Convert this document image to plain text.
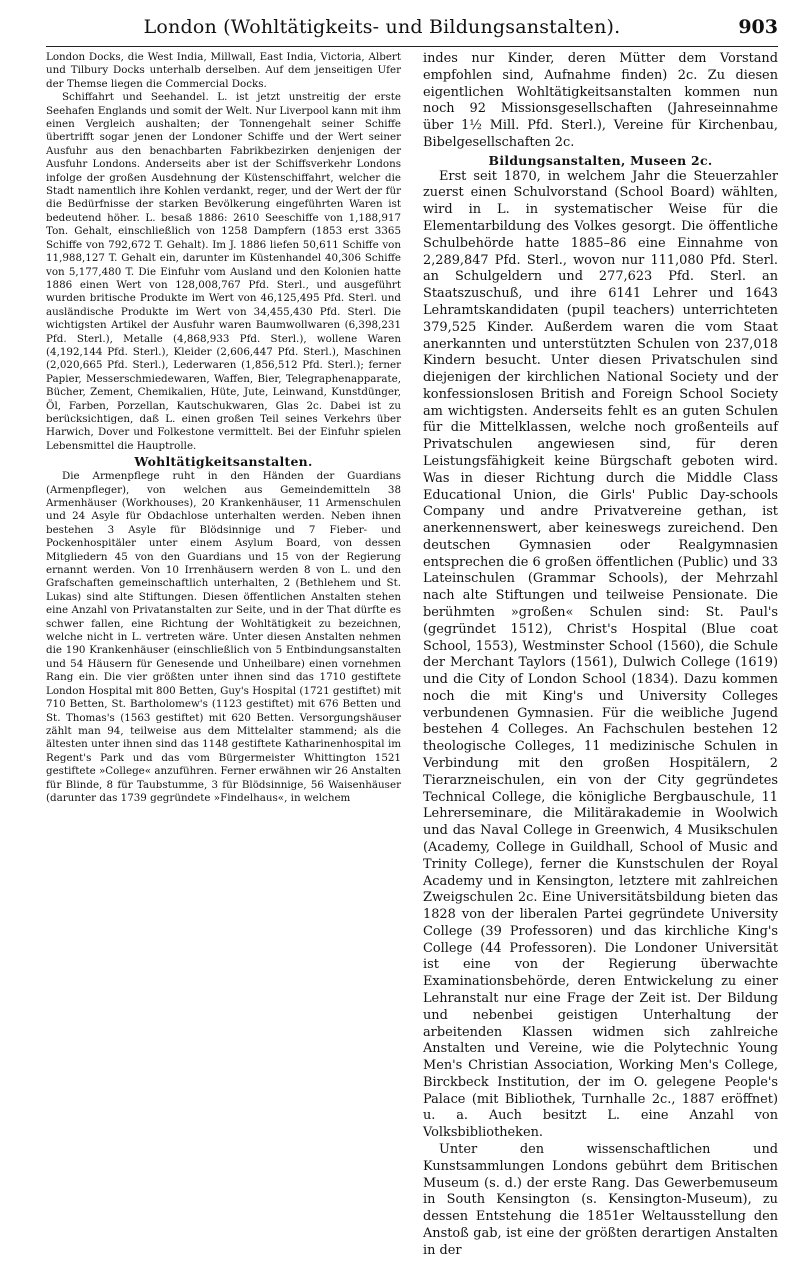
London (Wohltätigkeits- und Bildungsanstalten).	903

London Docks, die West India, Millwall, East India, Victoria, Albert und Tilbury Docks unterhalb derselben. Auf dem jenseitigen Ufer der Themse liegen die Commercial Docks.

Schiffahrt und Seehandel. L. ist jetzt unstreitig der erste Seehafen Englands und somit der Welt. Nur Liverpool kann mit ihm einen Vergleich aushalten; der Tonnengehalt seiner Schiffe übertrifft sogar jenen der Londoner Schiffe und der Wert seiner Ausfuhr aus den benachbarten Fabrikbezirken denjenigen der Ausfuhr Londons. Anderseits aber ist der Schiffsverkehr Londons infolge der großen Ausdehnung der Küstenschiffahrt, welcher die Stadt namentlich ihre Kohlen verdankt, reger, und der Wert der für die Bedürfnisse der starken Bevölkerung eingeführten Waren ist bedeutend höher. L. besaß 1886: 2610 Seeschiffe von 1,188,917 Ton. Gehalt, einschließlich von 1258 Dampfern (1853 erst 3365 Schiffe von 792,672 T. Gehalt). Im J. 1886 liefen 50,611 Schiffe von 11,988,127 T. Gehalt ein, darunter im Küstenhandel 40,306 Schiffe von 5,177,480 T. Die Einfuhr vom Ausland und den Kolonien hatte 1886 einen Wert von 128,008,767 Pfd. Sterl., und ausgeführt wurden britische Produkte im Wert von 46,125,495 Pfd. Sterl. und ausländische Produkte im Wert von 34,455,430 Pfd. Sterl. Die wichtigsten Artikel der Ausfuhr waren Baumwollwaren (6,398,231 Pfd. Sterl.), Metalle (4,868,933 Pfd. Sterl.), wollene Waren (4,192,144 Pfd. Sterl.), Kleider (2,606,447 Pfd. Sterl.), Maschinen (2,020,665 Pfd. Sterl.), Lederwaren (1,856,512 Pfd. Sterl.); ferner Papier, Messerschmiedewaren, Waffen, Bier, Telegraphenapparate, Bücher, Zement, Chemikalien, Hüte, Jute, Leinwand, Kunstdünger, Öl, Farben, Porzellan, Kautschukwaren, Glas 2c. Dabei ist zu berücksichtigen, daß L. einen großen Teil seines Verkehrs über Harwich, Dover und Folkestone vermittelt. Bei der Einfuhr spielen Lebensmittel die Hauptrolle.

Wohltätigkeitsanstalten.

Die Armenpflege ruht in den Händen der Guardians (Armenpfleger), von welchen aus Gemeindemitteln 38 Armenhäuser (Workhouses), 20 Krankenhäuser, 11 Armenschulen und 24 Asyle für Obdachlose unterhalten werden. Neben ihnen bestehen 3 Asyle für Blödsinnige und 7 Fieber- und Pockenhospitäler unter einem Asylum Board, von dessen Mitgliedern 45 von den Guardians und 15 von der Regierung ernannt werden. Von 10 Irrenhäusern werden 8 von L. und den Grafschaften gemeinschaftlich unterhalten, 2 (Bethlehem und St. Lukas) sind alte Stiftungen. Diesen öffentlichen Anstalten stehen eine Anzahl von Privatanstalten zur Seite, und in der That dürfte es schwer fallen, eine Richtung der Wohltätigkeit zu bezeichnen, welche nicht in L. vertreten wäre. Unter diesen Anstalten nehmen die 190 Krankenhäuser (einschließlich von 5 Entbindungsanstalten und 54 Häusern für Genesende und Unheilbare) einen vornehmen Rang ein. Die vier größten unter ihnen sind das 1710 gestiftete London Hospital mit 800 Betten, Guy's Hospital (1721 gestiftet) mit 710 Betten, St. Bartholomew's (1123 gestiftet) mit 676 Betten und St. Thomas's (1563 gestiftet) mit 620 Betten. Versorgungshäuser zählt man 94, teilweise aus dem Mittelalter stammend; als die ältesten unter ihnen sind das 1148 gestiftete Katharinenhospital im Regent's Park und das vom Bürgermeister Whittington 1521 gestiftete »College« anzuführen. Ferner erwähnen wir 26 Anstalten für Blinde, 8 für Taubstumme, 3 für Blödsinnige, 56 Waisenhäuser (darunter das 1739 gegründete »Findelhaus«, in welchem

indes nur Kinder, deren Mütter dem Vorstand empfohlen sind, Aufnahme finden) 2c. Zu diesen eigentlichen Wohltätigkeitsanstalten kommen nun noch 92 Missionsgesellschaften (Jahreseinnahme über 1½ Mill. Pfd. Sterl.), Vereine für Kirchenbau, Bibelgesellschaften 2c.

Bildungsanstalten, Museen 2c.

Erst seit 1870, in welchem Jahr die Steuerzahler zuerst einen Schulvorstand (School Board) wählten, wird in L. in systematischer Weise für die Elementarbildung des Volkes gesorgt. Die öffentliche Schulbehörde hatte 1885–86 eine Einnahme von 2,289,847 Pfd. Sterl., wovon nur 111,080 Pfd. Sterl. an Schulgeldern und 277,623 Pfd. Sterl. an Staatszuschuß, und ihre 6141 Lehrer und 1643 Lehramtskandidaten (pupil teachers) unterrichteten 379,525 Kinder. Außerdem waren die vom Staat anerkannten und unterstützten Schulen von 237,018 Kindern besucht. Unter diesen Privatschulen sind diejenigen der kirchlichen National Society und der konfessionslosen British and Foreign School Society am wichtigsten. Anderseits fehlt es an guten Schulen für die Mittelklassen, welche noch großenteils auf Privatschulen angewiesen sind, für deren Leistungsfähigkeit keine Bürgschaft geboten wird. Was in dieser Richtung durch die Middle Class Educational Union, die Girls' Public Day-schools Company und andre Privatvereine gethan, ist anerkennenswert, aber keineswegs zureichend. Den deutschen Gymnasien oder Realgymnasien entsprechen die 6 großen öffentlichen (Public) und 33 Lateinschulen (Grammar Schools), der Mehrzahl nach alte Stiftungen und teilweise Pensionate. Die berühmten »großen« Schulen sind: St. Paul's (gegründet 1512), Christ's Hospital (Blue coat School, 1553), Westminster School (1560), die Schule der Merchant Taylors (1561), Dulwich College (1619) und die City of London School (1834). Dazu kommen noch die mit King's und University Colleges verbundenen Gymnasien. Für die weibliche Jugend bestehen 4 Colleges. An Fachschulen bestehen 12 theologische Colleges, 11 medizinische Schulen in Verbindung mit den großen Hospitälern, 2 Tierarzneischulen, ein von der City gegründetes Technical College, die königliche Bergbauschule, 11 Lehrerseminare, die Militärakademie in Woolwich und das Naval College in Greenwich, 4 Musikschulen (Academy, College in Guildhall, School of Music and Trinity College), ferner die Kunstschulen der Royal Academy und in Kensington, letztere mit zahlreichen Zweigschulen 2c. Eine Universitätsbildung bieten das 1828 von der liberalen Partei gegründete University College (39 Professoren) und das kirchliche King's College (44 Professoren). Die Londoner Universität ist eine von der Regierung überwachte Examinationsbehörde, deren Entwickelung zu einer Lehranstalt nur eine Frage der Zeit ist. Der Bildung und nebenbei geistigen Unterhaltung der arbeitenden Klassen widmen sich zahlreiche Anstalten und Vereine, wie die Polytechnic Young Men's Christian Association, Working Men's College, Birckbeck Institution, der im O. gelegene People's Palace (mit Bibliothek, Turnhalle 2c., 1887 eröffnet) u. a. Auch besitzt L. eine Anzahl von Volksbibliotheken.

Unter den wissenschaftlichen und Kunstsammlungen Londons gebührt dem Britischen Museum (s. d.) der erste Rang. Das Gewerbemuseum in South Kensington (s. Kensington-Museum), zu dessen Entstehung die 1851er Weltausstellung den Anstoß gab, ist eine der größten derartigen Anstalten in der
